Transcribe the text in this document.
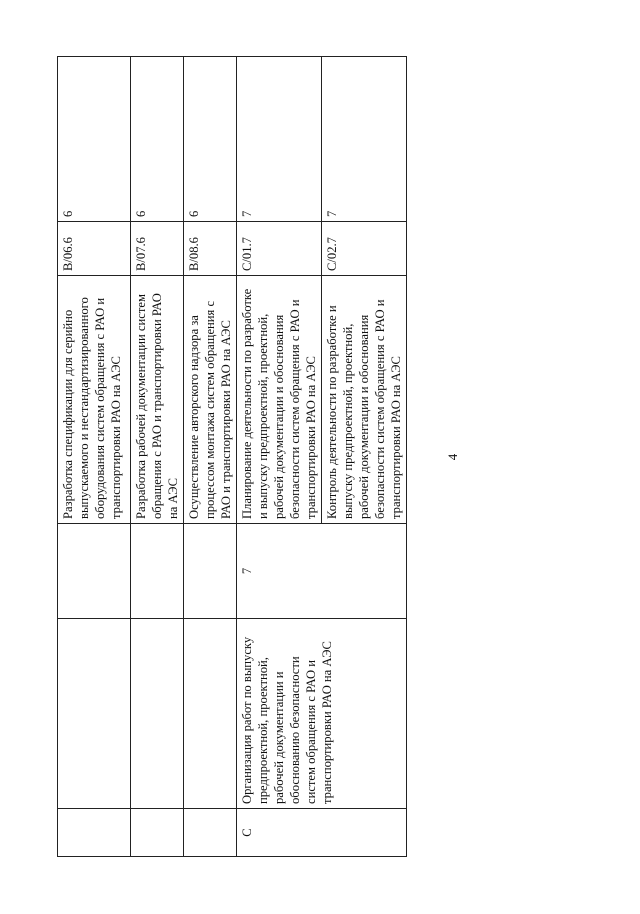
4
			Разработка спецификации для серийно выпускаемого и нестандартизированного оборудования систем обращения с РАО и транспортировки РАО на АЭС	B/06.6	6
			Разработка рабочей документации систем обращения с РАО и транспортировки РАО на АЭС	B/07.6	6
			Осуществление авторского надзора за процессом монтажа систем обращения с РАО и транспортировки РАО на АЭС	B/08.6	6
C	Организация работ по выпуску предпроектной, проектной, рабочей документации и обоснованию безопасности систем обращения с РАО и транспортировки РАО на АЭС	7	Планирование деятельности по разработке и выпуску предпроектной, проектной, рабочей документации и обоснования безопасности систем обращения с РАО и транспортировки РАО на АЭС	C/01.7	7
			Контроль деятельности по разработке и выпуску предпроектной, проектной, рабочей документации и обоснования безопасности систем обращения с РАО и транспортировки РАО на АЭС	C/02.7	7
